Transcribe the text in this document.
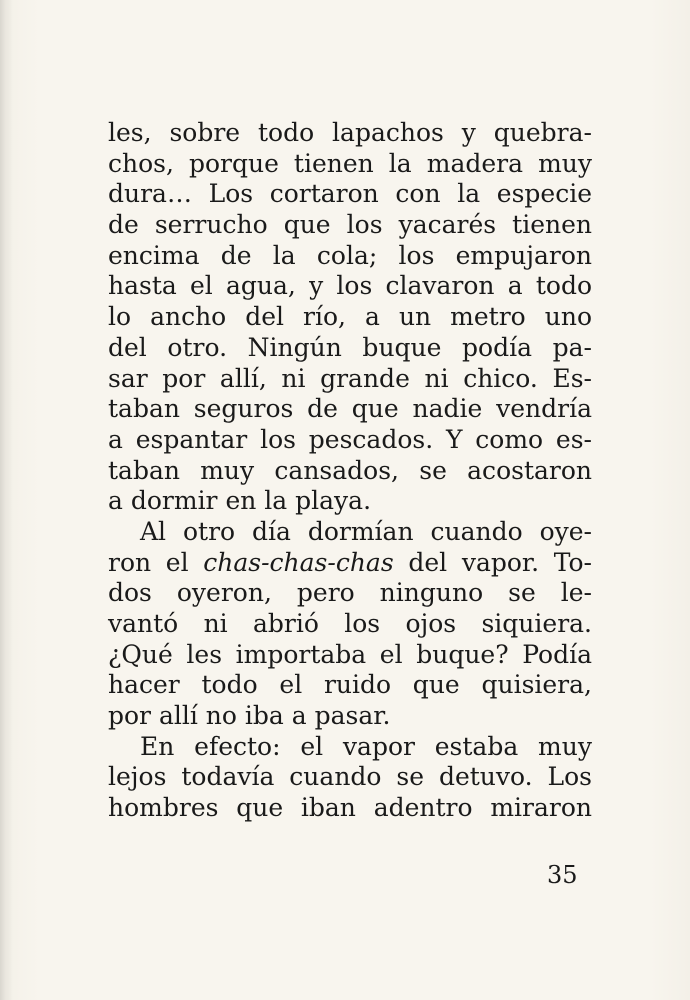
les, sobre todo lapachos y quebra-
chos, porque tienen la madera muy
dura… Los cortaron con la especie
de serrucho que los yacarés tienen
encima de la cola; los empujaron
hasta el agua, y los clavaron a todo
lo ancho del río, a un metro uno
del otro. Ningún buque podía pa-
sar por allí, ni grande ni chico. Es-
taban seguros de que nadie vendría
a espantar los pescados. Y como es-
taban muy cansados, se acostaron
a dormir en la playa.
Al otro día dormían cuando oye-
ron el chas-chas-chas del vapor. To-
dos oyeron, pero ninguno se le-
vantó ni abrió los ojos siquiera.
¿Qué les importaba el buque? Podía
hacer todo el ruido que quisiera,
por allí no iba a pasar.
En efecto: el vapor estaba muy
lejos todavía cuando se detuvo. Los
hombres que iban adentro miraron
35
